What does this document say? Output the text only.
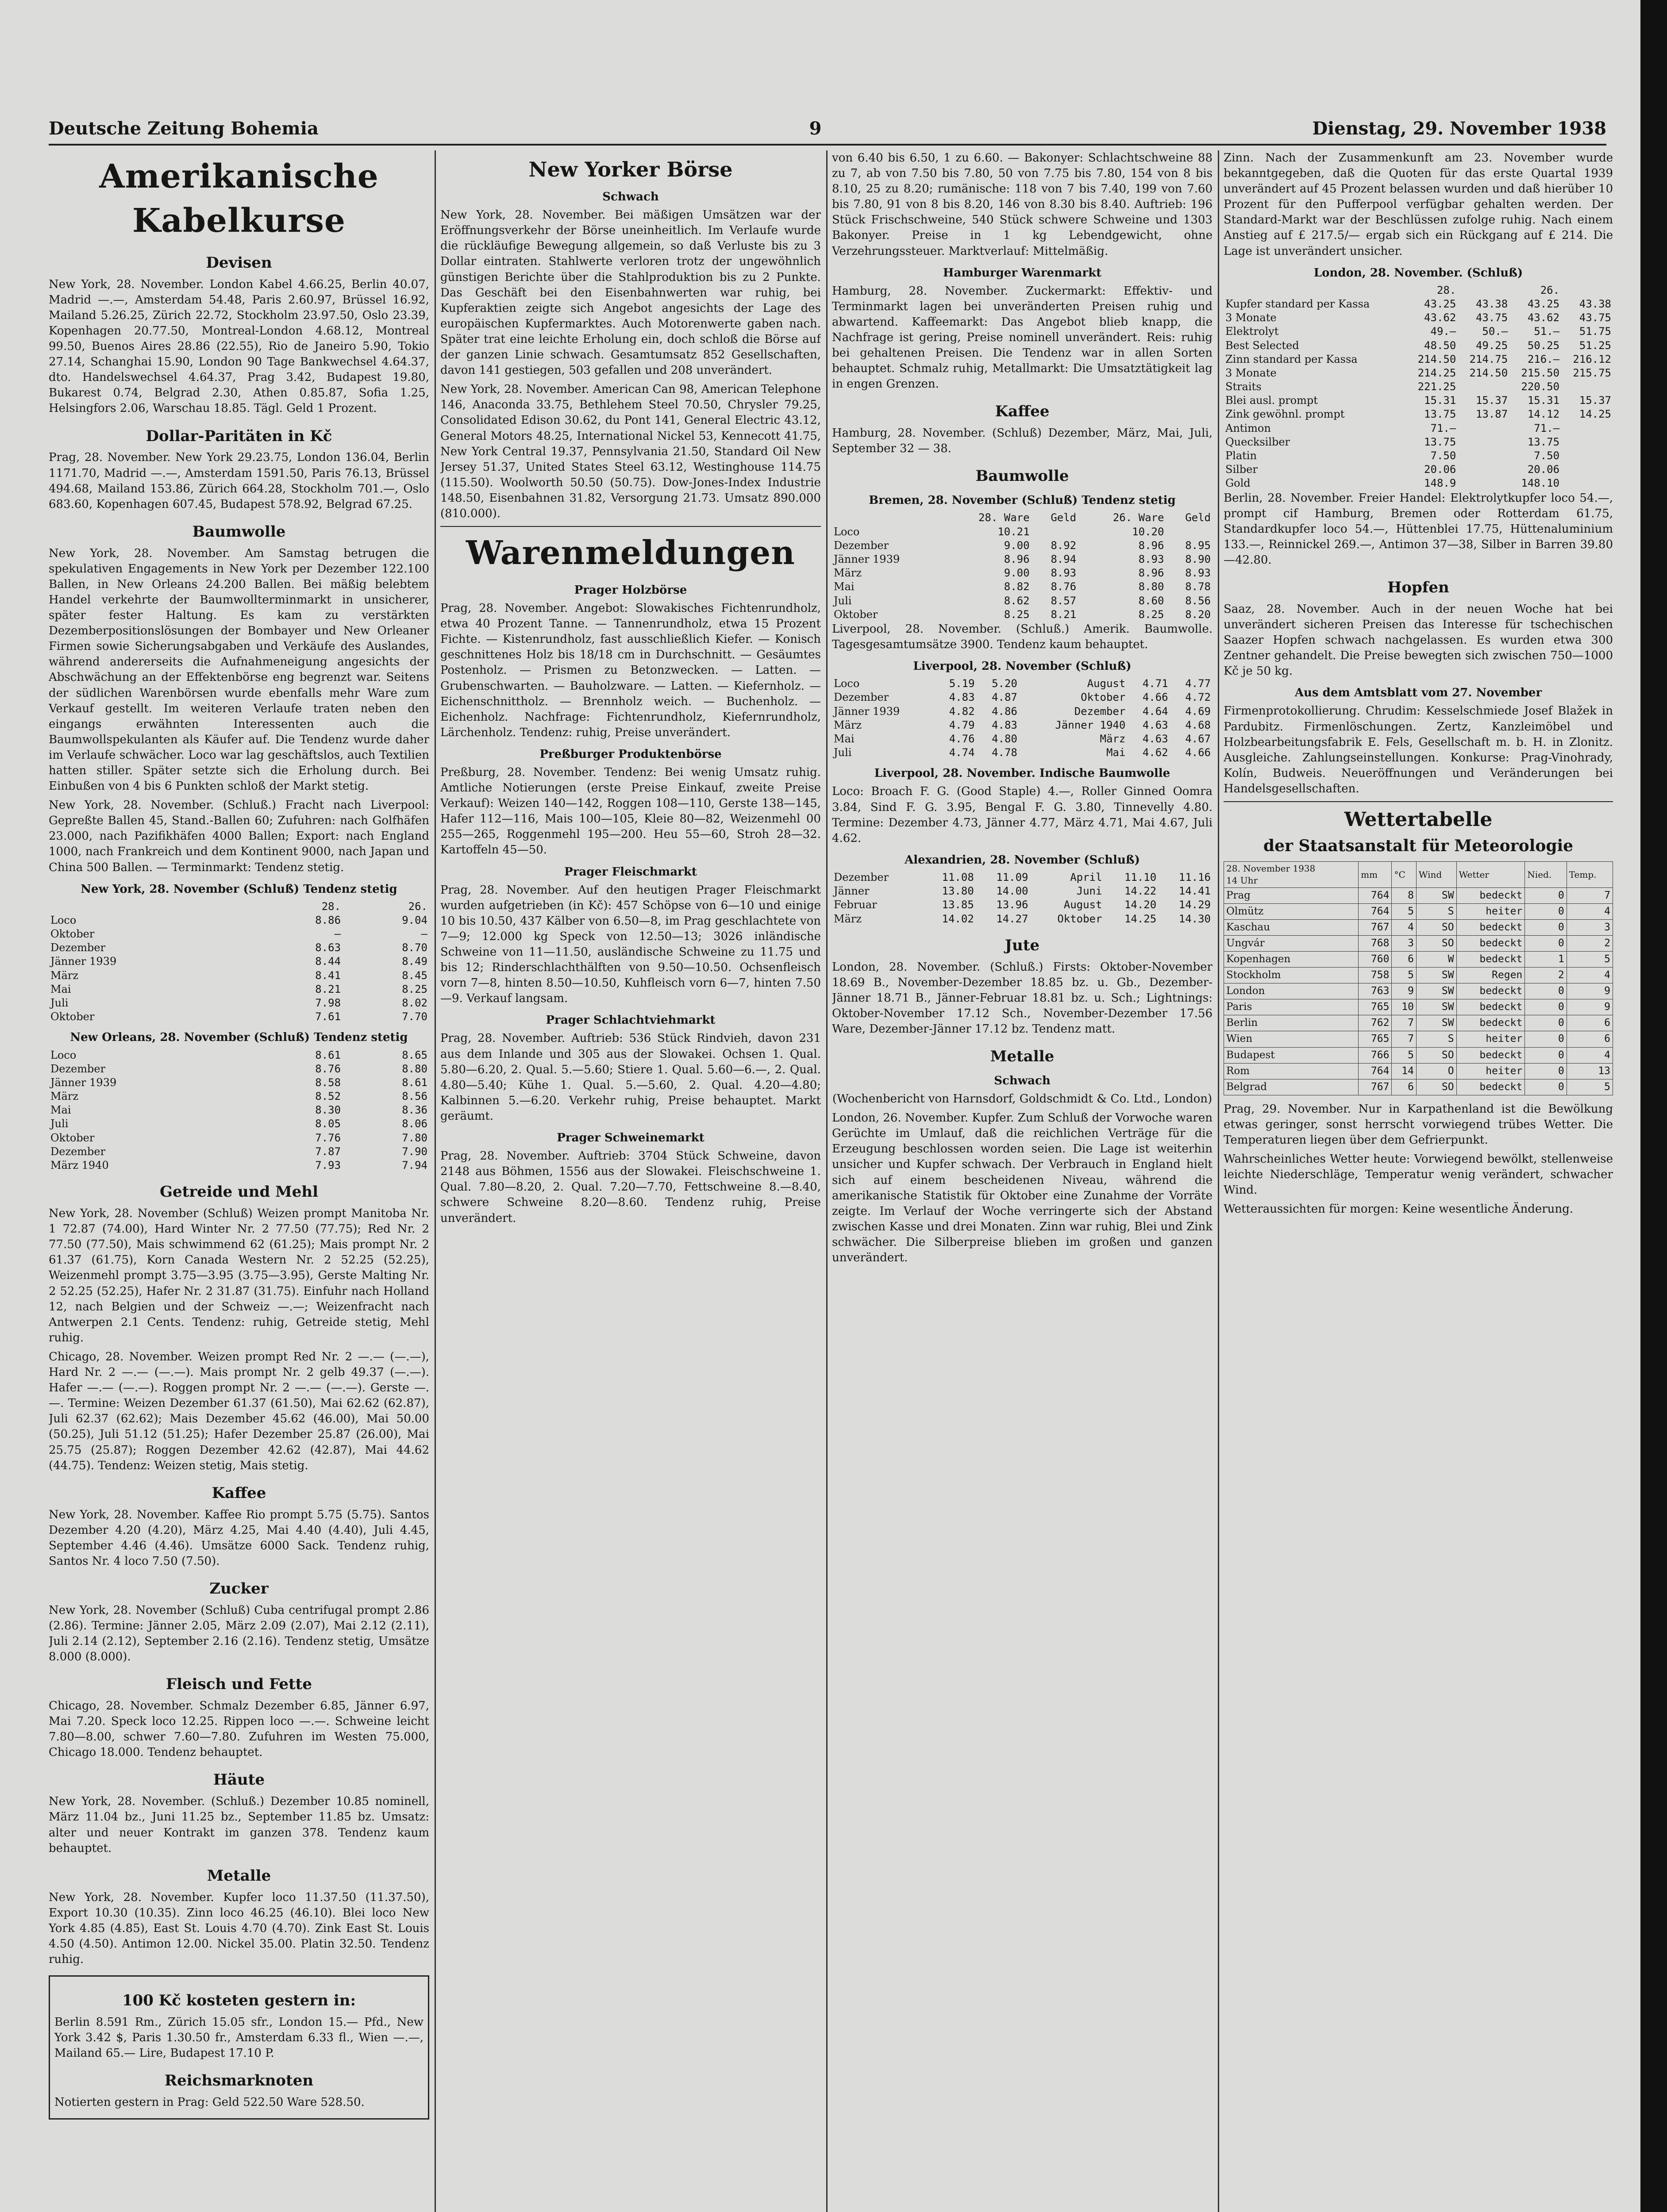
Deutsche Zeitung Bohemia	9	Dienstag, 29. November 1938
Amerikanische Kabelkurse
Devisen

New York, 28. November. London Kabel 4.66.25, Berlin 40.07, Madrid —.—, Amsterdam 54.48, Paris 2.60.97, Brüssel 16.92, Mailand 5.26.25, Zürich 22.72, Stockholm 23.97.50, Oslo 23.39, Kopenhagen 20.77.50, Montreal-London 4.68.12, Montreal 99.50, Buenos Aires 28.86 (22.55), Rio de Janeiro 5.90, Tokio 27.14, Schanghai 15.90, London 90 Tage Bankwechsel 4.64.37, dto. Handelswechsel 4.64.37, Prag 3.42, Budapest 19.80, Bukarest 0.74, Belgrad 2.30, Athen 0.85.87, Sofia 1.25, Helsingfors 2.06, Warschau 18.85. Tägl. Geld 1 Prozent.

Dollar-Paritäten in Kč

Prag, 28. November. New York 29.23.75, London 136.04, Berlin 1171.70, Madrid —.—, Amsterdam 1591.50, Paris 76.13, Brüssel 494.68, Mailand 153.86, Zürich 664.28, Stockholm 701.—, Oslo 683.60, Kopenhagen 607.45, Budapest 578.92, Belgrad 67.25.

Baumwolle

New York, 28. November. Am Samstag betrugen die spekulativen Engagements in New York per Dezember 122.100 Ballen, in New Orleans 24.200 Ballen. Bei mäßig belebtem Handel verkehrte der Baumwollterminmarkt in unsicherer, später fester Haltung. Es kam zu verstärkten Dezemberpositionslösungen der Bombayer und New Orleaner Firmen sowie Sicherungsabgaben und Verkäufe des Auslandes, während andererseits die Aufnahmeneigung angesichts der Abschwächung an der Effektenbörse eng begrenzt war. Seitens der südlichen Warenbörsen wurde ebenfalls mehr Ware zum Verkauf gestellt. Im weiteren Verlaufe traten neben den eingangs erwähnten Interessenten auch die Baumwollspekulanten als Käufer auf. Die Tendenz wurde daher im Verlaufe schwächer. Loco war lag geschäftslos, auch Textilien hatten stiller. Später setzte sich die Erholung durch. Bei Einbußen von 4 bis 6 Punkten schloß der Markt stetig.

New York, 28. November. (Schluß.) Fracht nach Liverpool: Gepreßte Ballen 45, Stand.-Ballen 60; Zufuhren: nach Golfhäfen 23.000, nach Pazifikhäfen 4000 Ballen; Export: nach England 1000, nach Frankreich und dem Kontinent 9000, nach Japan und China 500 Ballen. — Terminmarkt: Tendenz stetig.

New York, 28. November (Schluß) Tendenz stetig
	28.	26.
Loco	8.86	9.04
Oktober	—	—
Dezember	8.63	8.70
Jänner 1939	8.44	8.49
März	8.41	8.45
Mai	8.21	8.25
Juli	7.98	8.02
Oktober	7.61	7.70
New Orleans, 28. November (Schluß) Tendenz stetig
Loco	8.61	8.65
Dezember	8.76	8.80
Jänner 1939	8.58	8.61
März	8.52	8.56
Mai	8.30	8.36
Juli	8.05	8.06
Oktober	7.76	7.80
Dezember	7.87	7.90
März 1940	7.93	7.94
Getreide und Mehl

New York, 28. November (Schluß) Weizen prompt Manitoba Nr. 1 72.87 (74.00), Hard Winter Nr. 2 77.50 (77.75); Red Nr. 2 77.50 (77.50), Mais schwimmend 62 (61.25); Mais prompt Nr. 2 61.37 (61.75), Korn Canada Western Nr. 2 52.25 (52.25), Weizenmehl prompt 3.75—3.95 (3.75—3.95), Gerste Malting Nr. 2 52.25 (52.25), Hafer Nr. 2 31.87 (31.75). Einfuhr nach Holland 12, nach Belgien und der Schweiz —.—; Weizenfracht nach Antwerpen 2.1 Cents. Tendenz: ruhig, Getreide stetig, Mehl ruhig.

Chicago, 28. November. Weizen prompt Red Nr. 2 —.— (—.—), Hard Nr. 2 —.— (—.—). Mais prompt Nr. 2 gelb 49.37 (—.—). Hafer —.— (—.—). Roggen prompt Nr. 2 —.— (—.—). Gerste —.—. Termine: Weizen Dezember 61.37 (61.50), Mai 62.62 (62.87), Juli 62.37 (62.62); Mais Dezember 45.62 (46.00), Mai 50.00 (50.25), Juli 51.12 (51.25); Hafer Dezember 25.87 (26.00), Mai 25.75 (25.87); Roggen Dezember 42.62 (42.87), Mai 44.62 (44.75). Tendenz: Weizen stetig, Mais stetig.

Kaffee

New York, 28. November. Kaffee Rio prompt 5.75 (5.75). Santos Dezember 4.20 (4.20), März 4.25, Mai 4.40 (4.40), Juli 4.45, September 4.46 (4.46). Umsätze 6000 Sack. Tendenz ruhig, Santos Nr. 4 loco 7.50 (7.50).

Zucker

New York, 28. November (Schluß) Cuba centrifugal prompt 2.86 (2.86). Termine: Jänner 2.05, März 2.09 (2.07), Mai 2.12 (2.11), Juli 2.14 (2.12), September 2.16 (2.16). Tendenz stetig, Umsätze 8.000 (8.000).

Fleisch und Fette

Chicago, 28. November. Schmalz Dezember 6.85, Jänner 6.97, Mai 7.20. Speck loco 12.25. Rippen loco —.—. Schweine leicht 7.80—8.00, schwer 7.60—7.80. Zufuhren im Westen 75.000, Chicago 18.000. Tendenz behauptet.

Häute

New York, 28. November. (Schluß.) Dezember 10.85 nominell, März 11.04 bz., Juni 11.25 bz., September 11.85 bz. Umsatz: alter und neuer Kontrakt im ganzen 378. Tendenz kaum behauptet.

Metalle

New York, 28. November. Kupfer loco 11.37.50 (11.37.50), Export 10.30 (10.35). Zinn loco 46.25 (46.10). Blei loco New York 4.85 (4.85), East St. Louis 4.70 (4.70). Zink East St. Louis 4.50 (4.50). Antimon 12.00. Nickel 35.00. Platin 32.50. Tendenz ruhig.

100 Kč kosteten gestern in:

Berlin 8.591 Rm., Zürich 15.05 sfr., London 15.— Pfd., New York 3.42 $, Paris 1.30.50 fr., Amsterdam 6.33 fl., Wien —.—, Mailand 65.— Lire, Budapest 17.10 P.

Reichsmarknoten

Notierten gestern in Prag: Geld 522.50 Ware 528.50.

New Yorker Börse
Schwach

New York, 28. November. Bei mäßigen Umsätzen war der Eröffnungsverkehr der Börse uneinheitlich. Im Verlaufe wurde die rückläufige Bewegung allgemein, so daß Verluste bis zu 3 Dollar eintraten. Stahlwerte verloren trotz der ungewöhnlich günstigen Berichte über die Stahlproduktion bis zu 2 Punkte. Das Geschäft bei den Eisenbahnwerten war ruhig, bei Kupferaktien zeigte sich Angebot angesichts der Lage des europäischen Kupfermarktes. Auch Motorenwerte gaben nach. Später trat eine leichte Erholung ein, doch schloß die Börse auf der ganzen Linie schwach. Gesamtumsatz 852 Gesellschaften, davon 141 gestiegen, 503 gefallen und 208 unverändert.

New York, 28. November. American Can 98, American Telephone 146, Anaconda 33.75, Bethlehem Steel 70.50, Chrysler 79.25, Consolidated Edison 30.62, du Pont 141, General Electric 43.12, General Motors 48.25, International Nickel 53, Kennecott 41.75, New York Central 19.37, Pennsylvania 21.50, Standard Oil New Jersey 51.37, United States Steel 63.12, Westinghouse 114.75 (115.50). Woolworth 50.50 (50.75). Dow-Jones-Index Industrie 148.50, Eisenbahnen 31.82, Versorgung 21.73. Umsatz 890.000 (810.000).

Warenmeldungen
Prager Holzbörse

Prag, 28. November. Angebot: Slowakisches Fichtenrundholz, etwa 40 Prozent Tanne. — Tannenrundholz, etwa 15 Prozent Fichte. — Kistenrundholz, fast ausschließlich Kiefer. — Konisch geschnittenes Holz bis 18/18 cm in Durchschnitt. — Gesäumtes Postenholz. — Prismen zu Betonzwecken. — Latten. — Grubenschwarten. — Bauholzware. — Latten. — Kiefernholz. — Eichenschnittholz. — Brennholz weich. — Buchenholz. — Eichenholz. Nachfrage: Fichtenrundholz, Kiefernrundholz, Lärchenholz. Tendenz: ruhig, Preise unverändert.

Preßburger Produktenbörse

Preßburg, 28. November. Tendenz: Bei wenig Umsatz ruhig. Amtliche Notierungen (erste Preise Einkauf, zweite Preise Verkauf): Weizen 140—142, Roggen 108—110, Gerste 138—145, Hafer 112—116, Mais 100—105, Kleie 80—82, Weizenmehl 00 255—265, Roggenmehl 195—200. Heu 55—60, Stroh 28—32. Kartoffeln 45—50.

Prager Fleischmarkt

Prag, 28. November. Auf den heutigen Prager Fleischmarkt wurden aufgetrieben (in Kč): 457 Schöpse von 6—10 und einige 10 bis 10.50, 437 Kälber von 6.50—8, im Prag geschlachtete von 7—9; 12.000 kg Speck von 12.50—13; 3026 inländische Schweine von 11—11.50, ausländische Schweine zu 11.75 und bis 12; Rinderschlachthälften von 9.50—10.50. Ochsenfleisch vorn 7—8, hinten 8.50—10.50, Kuhfleisch vorn 6—7, hinten 7.50—9. Verkauf langsam.

Prager Schlachtviehmarkt

Prag, 28. November. Auftrieb: 536 Stück Rindvieh, davon 231 aus dem Inlande und 305 aus der Slowakei. Ochsen 1. Qual. 5.80—6.20, 2. Qual. 5.—5.60; Stiere 1. Qual. 5.60—6.—, 2. Qual. 4.80—5.40; Kühe 1. Qual. 5.—5.60, 2. Qual. 4.20—4.80; Kalbinnen 5.—6.20. Verkehr ruhig, Preise behauptet. Markt geräumt.

Prager Schweinemarkt

Prag, 28. November. Auftrieb: 3704 Stück Schweine, davon 2148 aus Böhmen, 1556 aus der Slowakei. Fleischschweine 1. Qual. 7.80—8.20, 2. Qual. 7.20—7.70, Fettschweine 8.—8.40, schwere Schweine 8.20—8.60. Tendenz ruhig, Preise unverändert.

von 6.40 bis 6.50, 1 zu 6.60. — Bakonyer: Schlachtschweine 88 zu 7, ab von 7.50 bis 7.80, 50 von 7.75 bis 7.80, 154 von 8 bis 8.10, 25 zu 8.20; rumänische: 118 von 7 bis 7.40, 199 von 7.60 bis 7.80, 91 von 8 bis 8.20, 146 von 8.30 bis 8.40. Auftrieb: 196 Stück Frischschweine, 540 Stück schwere Schweine und 1303 Bakonyer. Preise in 1 kg Lebendgewicht, ohne Verzehrungssteuer. Marktverlauf: Mittelmäßig.

Hamburger Warenmarkt

Hamburg, 28. November. Zuckermarkt: Effektiv- und Terminmarkt lagen bei unveränderten Preisen ruhig und abwartend. Kaffeemarkt: Das Angebot blieb knapp, die Nachfrage ist gering, Preise nominell unverändert. Reis: ruhig bei gehaltenen Preisen. Die Tendenz war in allen Sorten behauptet. Schmalz ruhig, Metallmarkt: Die Umsatztätigkeit lag in engen Grenzen.

Kaffee

Hamburg, 28. November. (Schluß) Dezember, März, Mai, Juli, September 32 — 38.

Baumwolle
Bremen, 28. November (Schluß) Tendenz stetig
	28. Ware	Geld	26. Ware	Geld
Loco	10.21		10.20	
Dezember	9.00	8.92	8.96	8.95
Jänner 1939	8.96	8.94	8.93	8.90
März	9.00	8.93	8.96	8.93
Mai	8.82	8.76	8.80	8.78
Juli	8.62	8.57	8.60	8.56
Oktober	8.25	8.21	8.25	8.20

Liverpool, 28. November. (Schluß.) Amerik. Baumwolle. Tagesgesamtumsätze 3900. Tendenz kaum behauptet.

Liverpool, 28. November (Schluß)
Loco	5.19	5.20	August	4.71	4.77
Dezember	4.83	4.87	Oktober	4.66	4.72
Jänner 1939	4.82	4.86	Dezember	4.64	4.69
März	4.79	4.83	Jänner 1940	4.63	4.68
Mai	4.76	4.80	März	4.63	4.67
Juli	4.74	4.78	Mai	4.62	4.66
Liverpool, 28. November. Indische Baumwolle

Loco: Broach F. G. (Good Staple) 4.—, Roller Ginned Oomra 3.84, Sind F. G. 3.95, Bengal F. G. 3.80, Tinnevelly 4.80. Termine: Dezember 4.73, Jänner 4.77, März 4.71, Mai 4.67, Juli 4.62.

Alexandrien, 28. November (Schluß)
Dezember	11.08	11.09	April	11.10	11.16
Jänner	13.80	14.00	Juni	14.22	14.41
Februar	13.85	13.96	August	14.20	14.29
März	14.02	14.27	Oktober	14.25	14.30
Jute

London, 28. November. (Schluß.) Firsts: Oktober-November 18.69 B., November-Dezember 18.85 bz. u. Gb., Dezember-Jänner 18.71 B., Jänner-Februar 18.81 bz. u. Sch.; Lightnings: Oktober-November 17.12 Sch., November-Dezember 17.56 Ware, Dezember-Jänner 17.12 bz. Tendenz matt.

Metalle
Schwach

(Wochenbericht von Harnsdorf, Goldschmidt & Co. Ltd., London)

London, 26. November. Kupfer. Zum Schluß der Vorwoche waren Gerüchte im Umlauf, daß die reichlichen Verträge für die Erzeugung beschlossen worden seien. Die Lage ist weiterhin unsicher und Kupfer schwach. Der Verbrauch in England hielt sich auf einem bescheidenen Niveau, während die amerikanische Statistik für Oktober eine Zunahme der Vorräte zeigte. Im Verlauf der Woche verringerte sich der Abstand zwischen Kasse und drei Monaten. Zinn war ruhig, Blei und Zink schwächer. Die Silberpreise blieben im großen und ganzen unverändert.

Zinn. Nach der Zusammenkunft am 23. November wurde bekanntgegeben, daß die Quoten für das erste Quartal 1939 unverändert auf 45 Prozent belassen wurden und daß hierüber 10 Prozent für den Pufferpool verfügbar gehalten werden. Der Standard-Markt war der Beschlüssen zufolge ruhig. Nach einem Anstieg auf £ 217.5/— ergab sich ein Rückgang auf £ 214. Die Lage ist unverändert unsicher.

London, 28. November. (Schluß)
	28.		26.	
Kupfer standard per Kassa	43.25	43.38	43.25	43.38
3 Monate	43.62	43.75	43.62	43.75
Elektrolyt	49.—	50.—	51.—	51.75
Best Selected	48.50	49.25	50.25	51.25
Zinn standard per Kassa	214.50	214.75	216.—	216.12
3 Monate	214.25	214.50	215.50	215.75
Straits	221.25		220.50	
Blei ausl. prompt	15.31	15.37	15.31	15.37
Zink gewöhnl. prompt	13.75	13.87	14.12	14.25
Antimon	71.—		71.—	
Quecksilber	13.75		13.75	
Platin	7.50		7.50	
Silber	20.06		20.06	
Gold	148.9		148.10	

Berlin, 28. November. Freier Handel: Elektrolytkupfer loco 54.—, prompt cif Hamburg, Bremen oder Rotterdam 61.75, Standardkupfer loco 54.—, Hüttenblei 17.75, Hüttenaluminium 133.—, Reinnickel 269.—, Antimon 37—38, Silber in Barren 39.80—42.80.

Hopfen

Saaz, 28. November. Auch in der neuen Woche hat bei unverändert sicheren Preisen das Interesse für tschechischen Saazer Hopfen schwach nachgelassen. Es wurden etwa 300 Zentner gehandelt. Die Preise bewegten sich zwischen 750—1000 Kč je 50 kg.

Aus dem Amtsblatt vom 27. November

Firmenprotokollierung. Chrudim: Kesselschmiede Josef Blažek in Pardubitz. Firmenlöschungen. Zertz, Kanzleimöbel und Holzbearbeitungsfabrik E. Fels, Gesellschaft m. b. H. in Zlonitz. Ausgleiche. Zahlungseinstellungen. Konkurse: Prag-Vinohrady, Kolín, Budweis. Neueröffnungen und Veränderungen bei Handelsgesellschaften.

Wettertabelle
der Staatsanstalt für Meteorologie
28. November 1938
14 Uhr	mm	°C	Wind	Wetter	Nied.	Temp.
Prag	764	8	SW	bedeckt	0	7
Olmütz	764	5	S	heiter	0	4
Kaschau	767	4	SO	bedeckt	0	3
Ungvár	768	3	SO	bedeckt	0	2
Kopenhagen	760	6	W	bedeckt	1	5
Stockholm	758	5	SW	Regen	2	4
London	763	9	SW	bedeckt	0	9
Paris	765	10	SW	bedeckt	0	9
Berlin	762	7	SW	bedeckt	0	6
Wien	765	7	S	heiter	0	6
Budapest	766	5	SO	bedeckt	0	4
Rom	764	14	O	heiter	0	13
Belgrad	767	6	SO	bedeckt	0	5

Prag, 29. November. Nur in Karpathenland ist die Bewölkung etwas geringer, sonst herrscht vorwiegend trübes Wetter. Die Temperaturen liegen über dem Gefrierpunkt.

Wahrscheinliches Wetter heute: Vorwiegend bewölkt, stellenweise leichte Niederschläge, Temperatur wenig verändert, schwacher Wind.

Wetteraussichten für morgen: Keine wesentliche Änderung.
